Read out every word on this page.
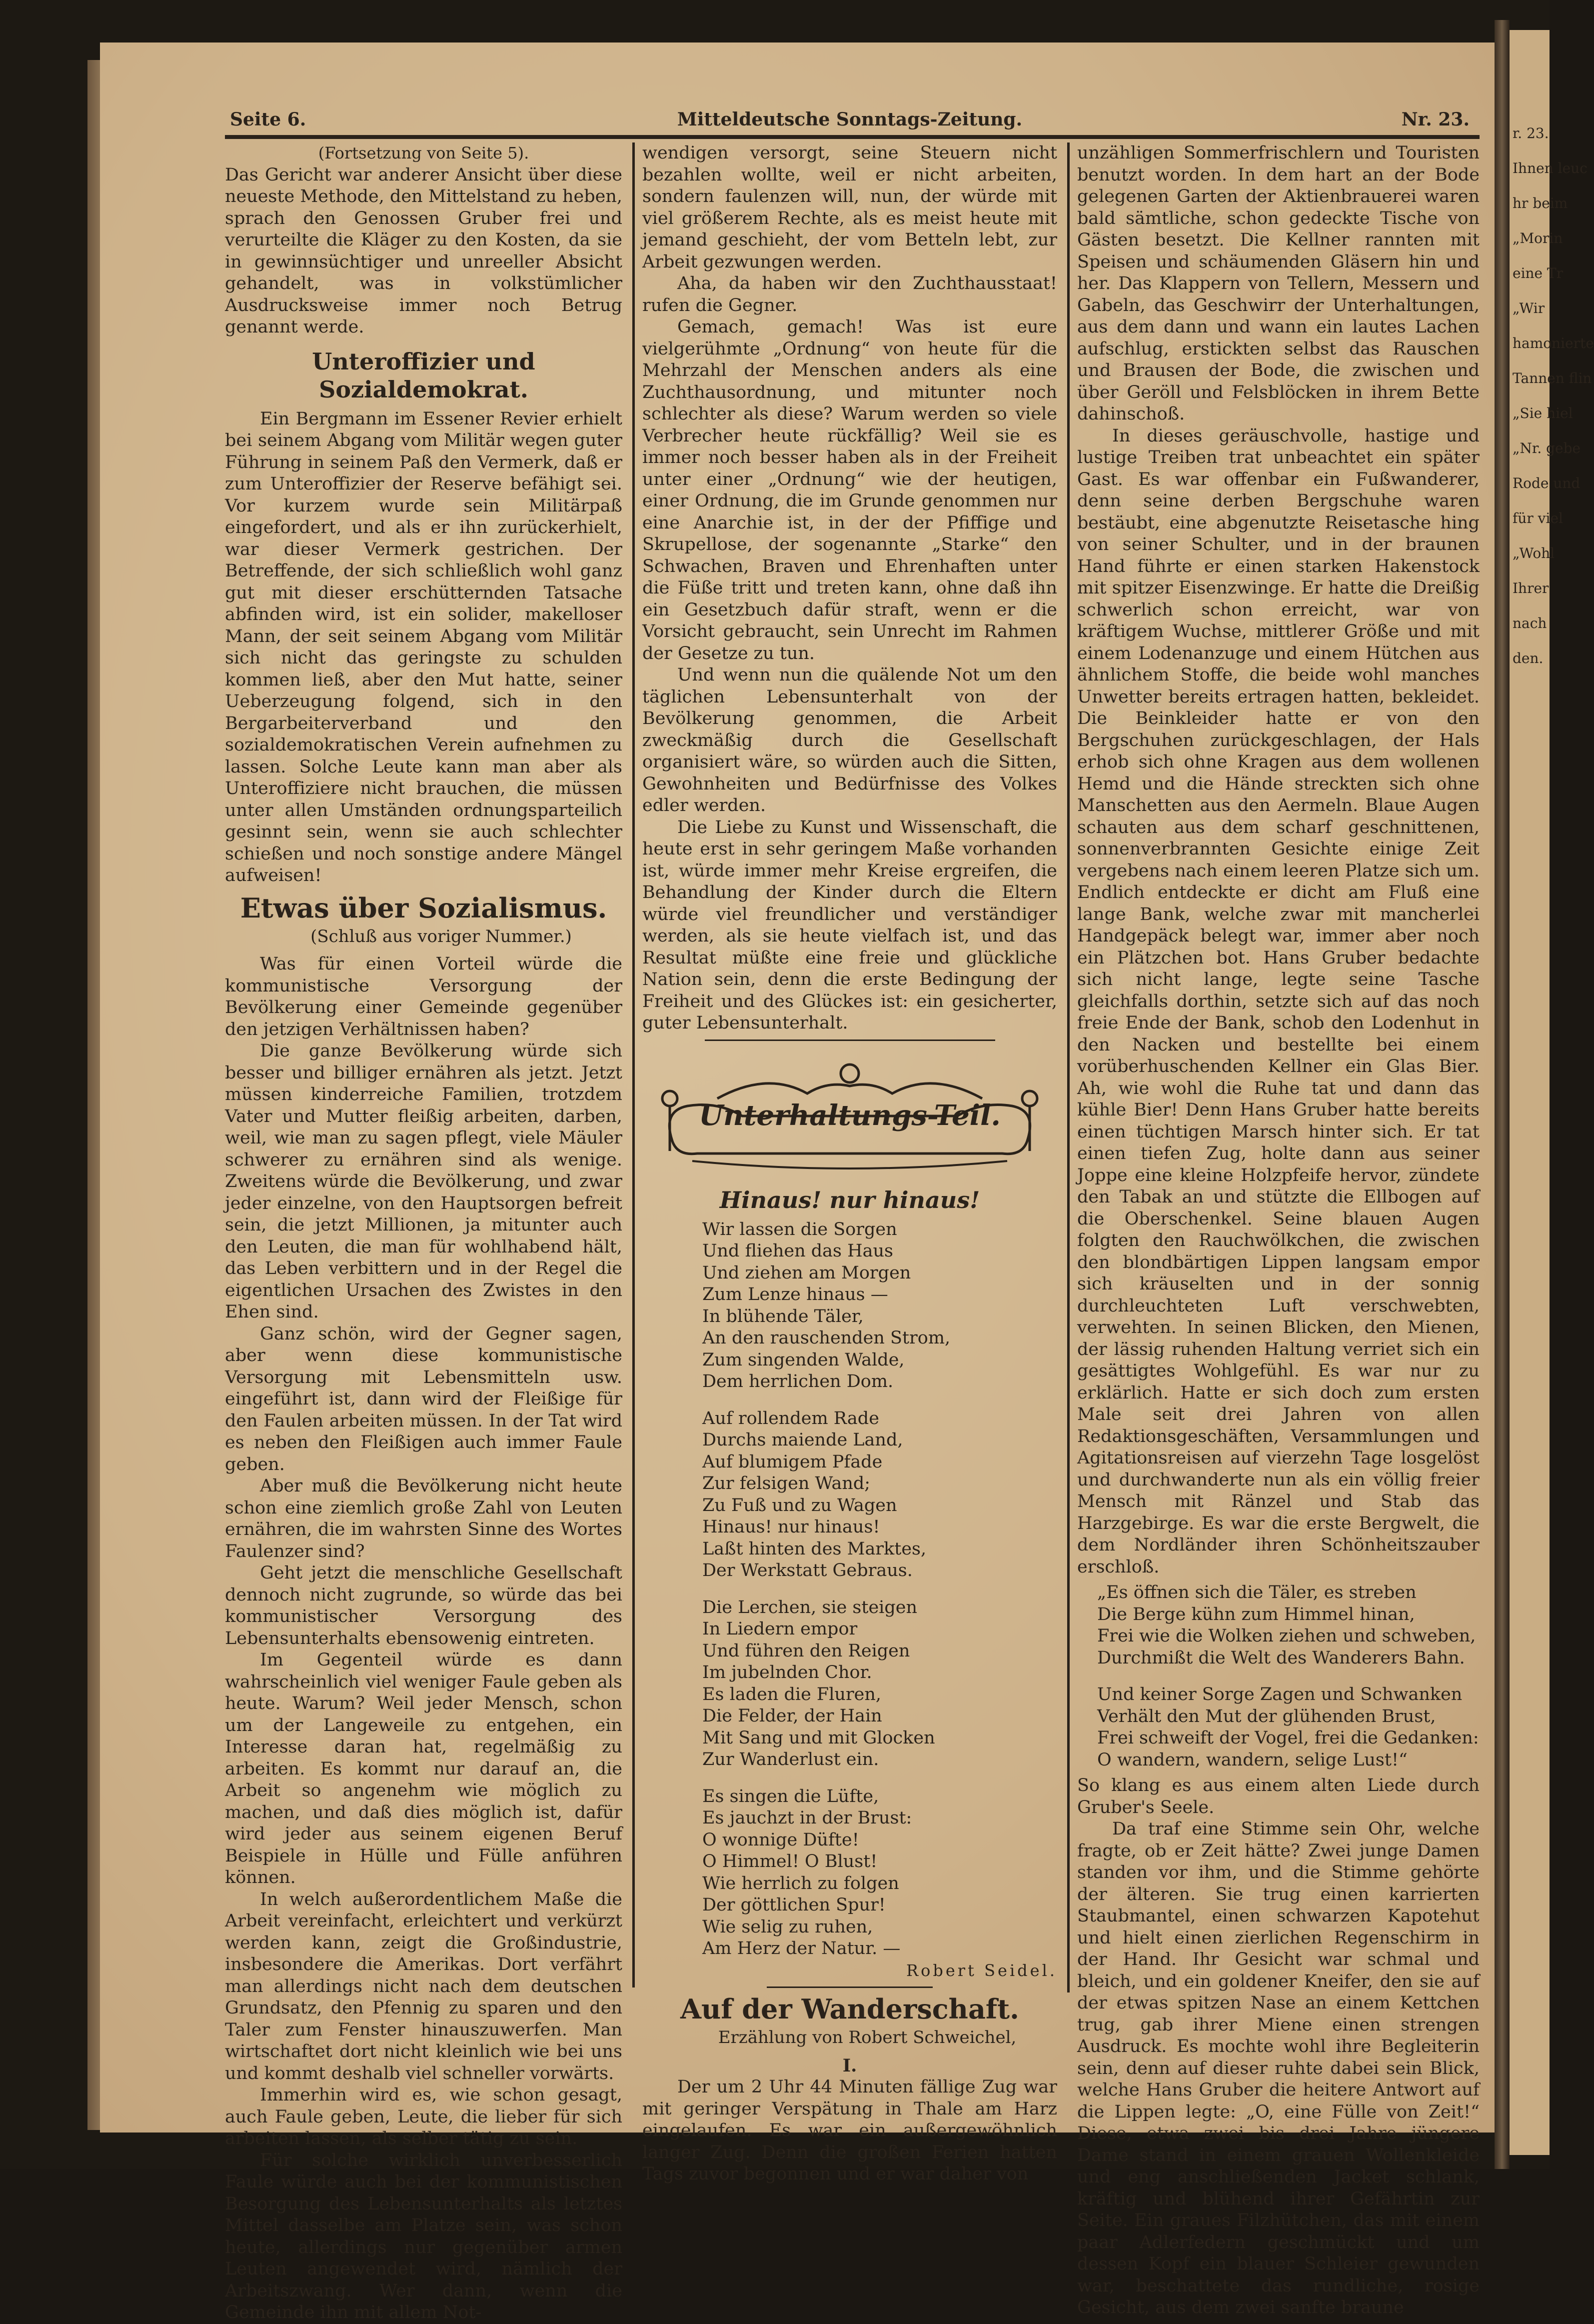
r. 23.
Ihnen leuc
hr beim
„Morin
eine Tr
„Wir
hamonierte
Tannen flin
„Sie hiel
„Nr. gebe
Rode und
für viel
„Wohl
Ihrer
nach
den.
Seite 6.	Mitteldeutsche Sonntags-Zeitung.	Nr. 23.

(Fortsetzung von Seite 5).

Das Gericht war anderer Ansicht über diese neueste Methode, den Mittelstand zu heben, sprach den Genossen Gruber frei und verurteilte die Kläger zu den Kosten, da sie in gewinnsüchtiger und unreeller Absicht gehandelt, was in volkstümlicher Ausdrucksweise immer noch Betrug genannt werde.

Unteroffizier und Sozialdemokrat.

Ein Bergmann im Essener Revier erhielt bei seinem Abgang vom Militär wegen guter Führung in seinem Paß den Vermerk, daß er zum Unteroffizier der Reserve befähigt sei. Vor kurzem wurde sein Militärpaß eingefordert, und als er ihn zurückerhielt, war dieser Vermerk gestrichen. Der Betreffende, der sich schließlich wohl ganz gut mit dieser erschütternden Tatsache abfinden wird, ist ein solider, makelloser Mann, der seit seinem Abgang vom Militär sich nicht das geringste zu schulden kommen ließ, aber den Mut hatte, seiner Ueberzeugung folgend, sich in den Bergarbeiterverband und den sozialdemokratischen Verein aufnehmen zu lassen. Solche Leute kann man aber als Unteroffiziere nicht brauchen, die müssen unter allen Umständen ordnungsparteilich gesinnt sein, wenn sie auch schlechter schießen und noch sonstige andere Mängel aufweisen!

Etwas über Sozialismus.

(Schluß aus voriger Nummer.)

Was für einen Vorteil würde die kommunistische Versorgung der Bevölkerung einer Gemeinde gegenüber den jetzigen Verhältnissen haben?

Die ganze Bevölkerung würde sich besser und billiger ernähren als jetzt. Jetzt müssen kinderreiche Familien, trotzdem Vater und Mutter fleißig arbeiten, darben, weil, wie man zu sagen pflegt, viele Mäuler schwerer zu ernähren sind als wenige. Zweitens würde die Bevölkerung, und zwar jeder einzelne, von den Hauptsorgen befreit sein, die jetzt Millionen, ja mitunter auch den Leuten, die man für wohlhabend hält, das Leben verbittern und in der Regel die eigentlichen Ursachen des Zwistes in den Ehen sind.

Ganz schön, wird der Gegner sagen, aber wenn diese kommunistische Versorgung mit Lebensmitteln usw. eingeführt ist, dann wird der Fleißige für den Faulen arbeiten müssen. In der Tat wird es neben den Fleißigen auch immer Faule geben.

Aber muß die Bevölkerung nicht heute schon eine ziemlich große Zahl von Leuten ernähren, die im wahrsten Sinne des Wortes Faulenzer sind?

Geht jetzt die menschliche Gesellschaft dennoch nicht zugrunde, so würde das bei kommunistischer Versorgung des Lebensunterhalts ebensowenig eintreten.

Im Gegenteil würde es dann wahrscheinlich viel weniger Faule geben als heute. Warum? Weil jeder Mensch, schon um der Langeweile zu entgehen, ein Interesse daran hat, regelmäßig zu arbeiten. Es kommt nur darauf an, die Arbeit so angenehm wie möglich zu machen, und daß dies möglich ist, dafür wird jeder aus seinem eigenen Beruf Beispiele in Hülle und Fülle anführen können.

In welch außerordentlichem Maße die Arbeit vereinfacht, erleichtert und verkürzt werden kann, zeigt die Großindustrie, insbesondere die Amerikas. Dort verfährt man allerdings nicht nach dem deutschen Grundsatz, den Pfennig zu sparen und den Taler zum Fenster hinauszuwerfen. Man wirtschaftet dort nicht kleinlich wie bei uns und kommt deshalb viel schneller vorwärts.

Immerhin wird es, wie schon gesagt, auch Faule geben, Leute, die lieber für sich arbeiten lassen, als selber tätig zu sein.

Für solche wirklich unverbesserlich Faule würde auch bei der kommunistischen Besorgung des Lebensunterhalts als letztes Mittel dasselbe am Platze sein, was schon heute, allerdings nur gegenüber armen Leuten angewendet wird, nämlich der Arbeitszwang. Wer dann, wenn die Gemeinde ihn mit allem Not-

wendigen versorgt, seine Steuern nicht bezahlen wollte, weil er nicht arbeiten, sondern faulenzen will, nun, der würde mit viel größerem Rechte, als es meist heute mit jemand geschieht, der vom Betteln lebt, zur Arbeit gezwungen werden.

Aha, da haben wir den Zuchthausstaat! rufen die Gegner.

Gemach, gemach! Was ist eure vielgerühmte „Ordnung“ von heute für die Mehrzahl der Menschen anders als eine Zuchthausordnung, und mitunter noch schlechter als diese? Warum werden so viele Verbrecher heute rückfällig? Weil sie es immer noch besser haben als in der Freiheit unter einer „Ordnung“ wie der heutigen, einer Ordnung, die im Grunde genommen nur eine Anarchie ist, in der der Pfiffige und Skrupellose, der sogenannte „Starke“ den Schwachen, Braven und Ehrenhaften unter die Füße tritt und treten kann, ohne daß ihn ein Gesetzbuch dafür straft, wenn er die Vorsicht gebraucht, sein Unrecht im Rahmen der Gesetze zu tun.

Und wenn nun die quälende Not um den täglichen Lebensunterhalt von der Bevölkerung genommen, die Arbeit zweckmäßig durch die Gesellschaft organisiert wäre, so würden auch die Sitten, Gewohnheiten und Bedürfnisse des Volkes edler werden.

Die Liebe zu Kunst und Wissenschaft, die heute erst in sehr geringem Maße vorhanden ist, würde immer mehr Kreise ergreifen, die Behandlung der Kinder durch die Eltern würde viel freundlicher und verständiger werden, als sie heute vielfach ist, und das Resultat müßte eine freie und glückliche Nation sein, denn die erste Bedingung der Freiheit und des Glückes ist: ein gesicherter, guter Lebensunterhalt.

Unterhaltungs-Teil.
Hinaus! nur hinaus!
Wir lassen die Sorgen
Und fliehen das Haus
Und ziehen am Morgen
Zum Lenze hinaus —
In blühende Täler,
An den rauschenden Strom,
Zum singenden Walde,
Dem herrlichen Dom.
Auf rollendem Rade
Durchs maiende Land,
Auf blumigem Pfade
Zur felsigen Wand;
Zu Fuß und zu Wagen
Hinaus! nur hinaus!
Laßt hinten des Marktes,
Der Werkstatt Gebraus.
Die Lerchen, sie steigen
In Liedern empor
Und führen den Reigen
Im jubelnden Chor.
Es laden die Fluren,
Die Felder, der Hain
Mit Sang und mit Glocken
Zur Wanderlust ein.
Es singen die Lüfte,
Es jauchzt in der Brust:
O wonnige Düfte!
O Himmel! O Blust!
Wie herrlich zu folgen
Der göttlichen Spur!
Wie selig zu ruhen,
Am Herz der Natur. —

Robert Seidel.

Auf der Wanderschaft.

Erzählung von Robert Schweichel,

I.

Der um 2 Uhr 44 Minuten fällige Zug war mit geringer Verspätung in Thale am Harz eingelaufen. Es war ein außergewöhnlich langer Zug. Denn die großen Ferien hatten Tags zuvor begonnen und er war daher von

unzähligen Sommerfrischlern und Touristen benutzt worden. In dem hart an der Bode gelegenen Garten der Aktienbrauerei waren bald sämtliche, schon gedeckte Tische von Gästen besetzt. Die Kellner rannten mit Speisen und schäumenden Gläsern hin und her. Das Klappern von Tellern, Messern und Gabeln, das Geschwirr der Unterhaltungen, aus dem dann und wann ein lautes Lachen aufschlug, erstickten selbst das Rauschen und Brausen der Bode, die zwischen und über Geröll und Felsblöcken in ihrem Bette dahinschoß.

In dieses geräuschvolle, hastige und lustige Treiben trat unbeachtet ein später Gast. Es war offenbar ein Fußwanderer, denn seine derben Bergschuhe waren bestäubt, eine abgenutzte Reisetasche hing von seiner Schulter, und in der braunen Hand führte er einen starken Hakenstock mit spitzer Eisenzwinge. Er hatte die Dreißig schwerlich schon erreicht, war von kräftigem Wuchse, mittlerer Größe und mit einem Lodenanzuge und einem Hütchen aus ähnlichem Stoffe, die beide wohl manches Unwetter bereits ertragen hatten, bekleidet. Die Beinkleider hatte er von den Bergschuhen zurückgeschlagen, der Hals erhob sich ohne Kragen aus dem wollenen Hemd und die Hände streckten sich ohne Manschetten aus den Aermeln. Blaue Augen schauten aus dem scharf geschnittenen, sonnenverbrannten Gesichte einige Zeit vergebens nach einem leeren Platze sich um. Endlich entdeckte er dicht am Fluß eine lange Bank, welche zwar mit mancherlei Handgepäck belegt war, immer aber noch ein Plätzchen bot. Hans Gruber bedachte sich nicht lange, legte seine Tasche gleichfalls dorthin, setzte sich auf das noch freie Ende der Bank, schob den Lodenhut in den Nacken und bestellte bei einem vorüberhuschenden Kellner ein Glas Bier. Ah, wie wohl die Ruhe tat und dann das kühle Bier! Denn Hans Gruber hatte bereits einen tüchtigen Marsch hinter sich. Er tat einen tiefen Zug, holte dann aus seiner Joppe eine kleine Holzpfeife hervor, zündete den Tabak an und stützte die Ellbogen auf die Oberschenkel. Seine blauen Augen folgten den Rauchwölkchen, die zwischen den blondbärtigen Lippen langsam empor sich kräuselten und in der sonnig durchleuchteten Luft verschwebten, verwehten. In seinen Blicken, den Mienen, der lässig ruhenden Haltung verriet sich ein gesättigtes Wohlgefühl. Es war nur zu erklärlich. Hatte er sich doch zum ersten Male seit drei Jahren von allen Redaktionsgeschäften, Versammlungen und Agitationsreisen auf vierzehn Tage losgelöst und durchwanderte nun als ein völlig freier Mensch mit Ränzel und Stab das Harzgebirge. Es war die erste Bergwelt, die dem Nordländer ihren Schönheitszauber erschloß.

„Es öffnen sich die Täler, es streben
Die Berge kühn zum Himmel hinan,
Frei wie die Wolken ziehen und schweben,
Durchmißt die Welt des Wanderers Bahn.
Und keiner Sorge Zagen und Schwanken
Verhält den Mut der glühenden Brust,
Frei schweift der Vogel, frei die Gedanken:
O wandern, wandern, selige Lust!“

So klang es aus einem alten Liede durch Gruber's Seele.

Da traf eine Stimme sein Ohr, welche fragte, ob er Zeit hätte? Zwei junge Damen standen vor ihm, und die Stimme gehörte der älteren. Sie trug einen karrierten Staubmantel, einen schwarzen Kapotehut und hielt einen zierlichen Regenschirm in der Hand. Ihr Gesicht war schmal und bleich, und ein goldener Kneifer, den sie auf der etwas spitzen Nase an einem Kettchen trug, gab ihrer Miene einen strengen Ausdruck. Es mochte wohl ihre Begleiterin sein, denn auf dieser ruhte dabei sein Blick, welche Hans Gruber die heitere Antwort auf die Lippen legte: „O, eine Fülle von Zeit!“ Diese, etwa zwei bis drei Jahre jüngere Dame stand in einem grauen Wollenkleide und eng anschließenden Jacket schlank, kräftig und blühend ihrer Gefährtin zur Seite. Ein graues Filzhütchen, das mit einem paar Adlerfedern geschmückt und um dessen Kopf ein blauer Schleier gewunden war, beschattete das rundliche, rosige Gesicht, aus dem zwei sanfte braune
